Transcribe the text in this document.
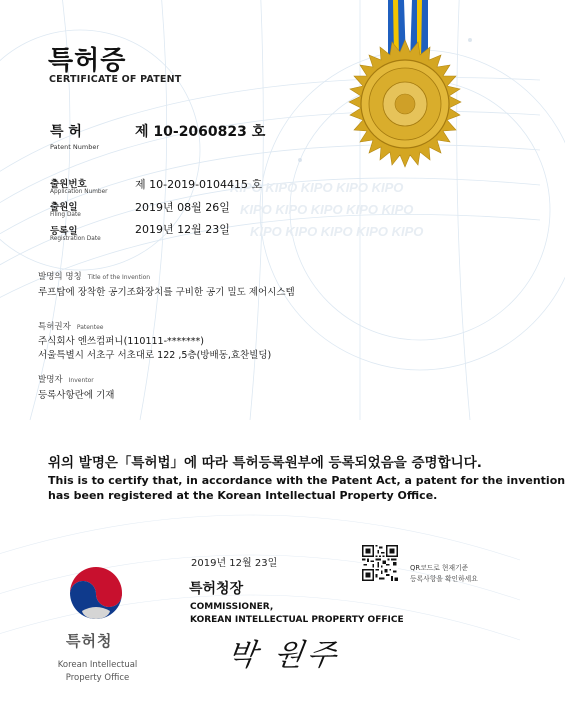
KIPO KIPO KIPO KIPO KIPO
KIPO KIPO KIPO KIPO KIPO
KIPO KIPO KIPO KIPO KIPO
특허증
CERTIFICATE OF PATENT
특 허
Patent Number
제 10-2060823 호
출원번호
Application Number
제 10-2019-0104415 호
출원일
Filing Date
2019년 08월 26일
등록일
Registration Date
2019년 12월 23일
발명의 명칭 Title of the Invention
루프탑에 장착한 공기조화장치를 구비한 공기 밀도 제어시스템
특허권자 Patentee
주식회사 엔쓰컴퍼니(110111-*******)
서울특별시 서초구 서초대로 122 ,5층(방배동,효찬빌딩)
발명자 Inventor
등록사항란에 기재
위의 발명은「특허법」에 따라 특허등록원부에 등록되었음을 증명합니다.
This is to certify that, in accordance with the Patent Act, a patent for the invention
has been registered at the Korean Intellectual Property Office.
2019년 12월 23일	QR코드로 현재기준
등록사항을 확인하세요
특허청장
COMMISSIONER,
KOREAN INTELLECTUAL PROPERTY OFFICE
박 원주
특허청
Korean Intellectual
Property Office
